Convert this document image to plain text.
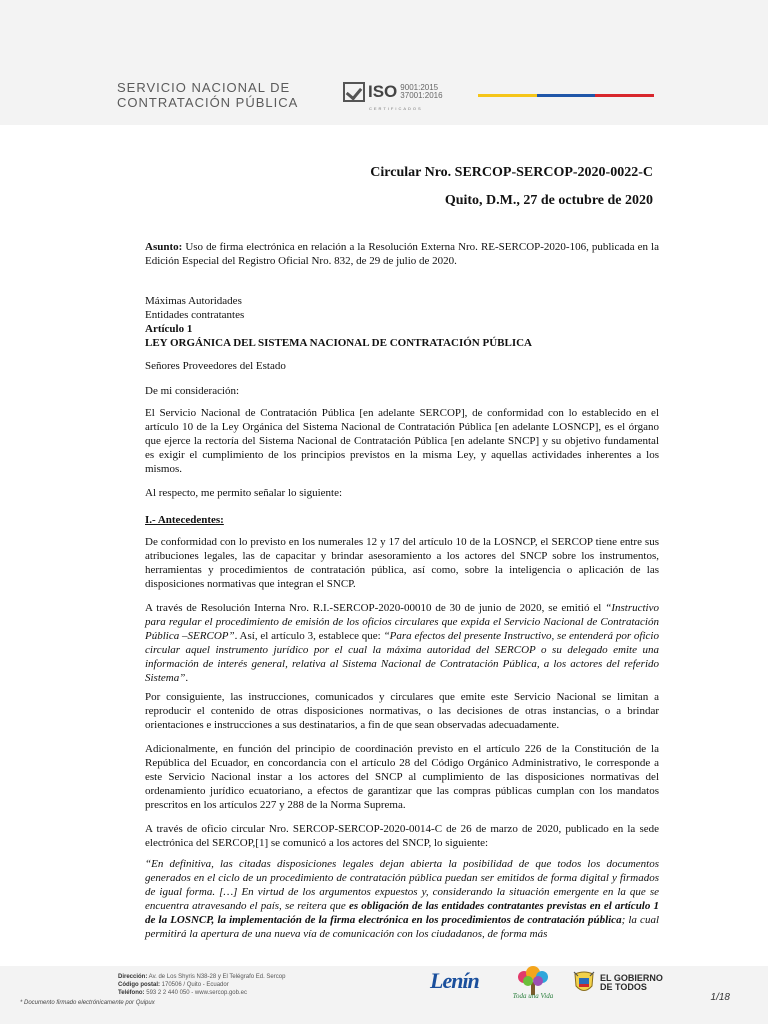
SERVICIO NACIONAL DE
CONTRATACIÓN PÚBLICA
ISO 9001:2015
37001:2016
CERTIFICADOS
Circular Nro. SERCOP-SERCOP-2020-0022-C
Quito, D.M., 27 de octubre de 2020

Asunto: Uso de firma electrónica en relación a la Resolución Externa Nro. RE-SERCOP-2020-106, publicada en la Edición Especial del Registro Oficial Nro. 832, de 29 de julio de 2020.

Máximas Autoridades

Entidades contratantes

Artículo 1

LEY ORGÁNICA DEL SISTEMA NACIONAL DE CONTRATACIÓN PÚBLICA

Señores Proveedores del Estado
De mi consideración:
El Servicio Nacional de Contratación Pública [en adelante SERCOP], de conformidad con lo establecido en el artículo 10 de la Ley Orgánica del Sistema Nacional de Contratación Pública [en adelante LOSNCP], es el órgano que ejerce la rectoría del Sistema Nacional de Contratación Pública [en adelante SNCP] y su objetivo fundamental es exigir el cumplimiento de los principios previstos en la misma Ley, y aquellas actividades inherentes a los mismos.
Al respecto, me permito señalar lo siguiente:
I.- Antecedentes:
De conformidad con lo previsto en los numerales 12 y 17 del artículo 10 de la LOSNCP, el SERCOP tiene entre sus atribuciones legales, las de capacitar y brindar asesoramiento a los actores del SNCP sobre los instrumentos, herramientas y procedimientos de contratación pública, así como, sobre la inteligencia o aplicación de las disposiciones normativas que integran el SNCP.

A través de Resolución Interna Nro. R.I.-SERCOP-2020-00010 de 30 de junio de 2020, se emitió el “Instructivo para regular el procedimiento de emisión de los oficios circulares que expida el Servicio Nacional de Contratación Pública –SERCOP”. Así, el artículo 3, establece que: “Para efectos del presente Instructivo, se entenderá por oficio circular aquel instrumento jurídico por el cual la máxima autoridad del SERCOP o su delegado emite una información de interés general, relativa al Sistema Nacional de Contratación Pública, a los actores del referido Sistema”.

Por consiguiente, las instrucciones, comunicados y circulares que emite este Servicio Nacional se limitan a reproducir el contenido de otras disposiciones normativas, o las decisiones de otras instancias, o a brindar orientaciones e instrucciones a sus destinatarios, a fin de que sean observadas adecuadamente.
Adicionalmente, en función del principio de coordinación previsto en el artículo 226 de la Constitución de la República del Ecuador, en concordancia con el artículo 28 del Código Orgánico Administrativo, le corresponde a este Servicio Nacional instar a los actores del SNCP al cumplimiento de las disposiciones normativas del ordenamiento jurídico ecuatoriano, a efectos de garantizar que las compras públicas cumplan con los mandatos prescritos en los artículos 227 y 288 de la Norma Suprema.
A través de oficio circular Nro. SERCOP-SERCOP-2020-0014-C de 26 de marzo de 2020, publicado en la sede electrónica del SERCOP,[1] se comunicó a los actores del SNCP, lo siguiente:

“En definitiva, las citadas disposiciones legales dejan abierta la posibilidad de que todos los documentos generados en el ciclo de un procedimiento de contratación pública puedan ser emitidos de forma digital y firmados de igual forma. […] En virtud de los argumentos expuestos y, considerando la situación emergente en la que se encuentra atravesando el país, se reitera que es obligación de las entidades contratantes previstas en el artículo 1 de la LOSNCP, la implementación de la firma electrónica en los procedimientos de contratación pública; la cual permitirá la apertura de una nueva vía de comunicación con los ciudadanos, de forma más

Dirección: Av. de Los Shyris N38-28 y El Telégrafo Ed. Sercop
Código postal: 170506 / Quito - Ecuador
Teléfono: 593 2 2 440 050 - www.sercop.gob.ec	Lenín
Toda una Vida
EL GOBIERNO
DE TODOS
* Documento firmado electrónicamente por Quipux	1/18
